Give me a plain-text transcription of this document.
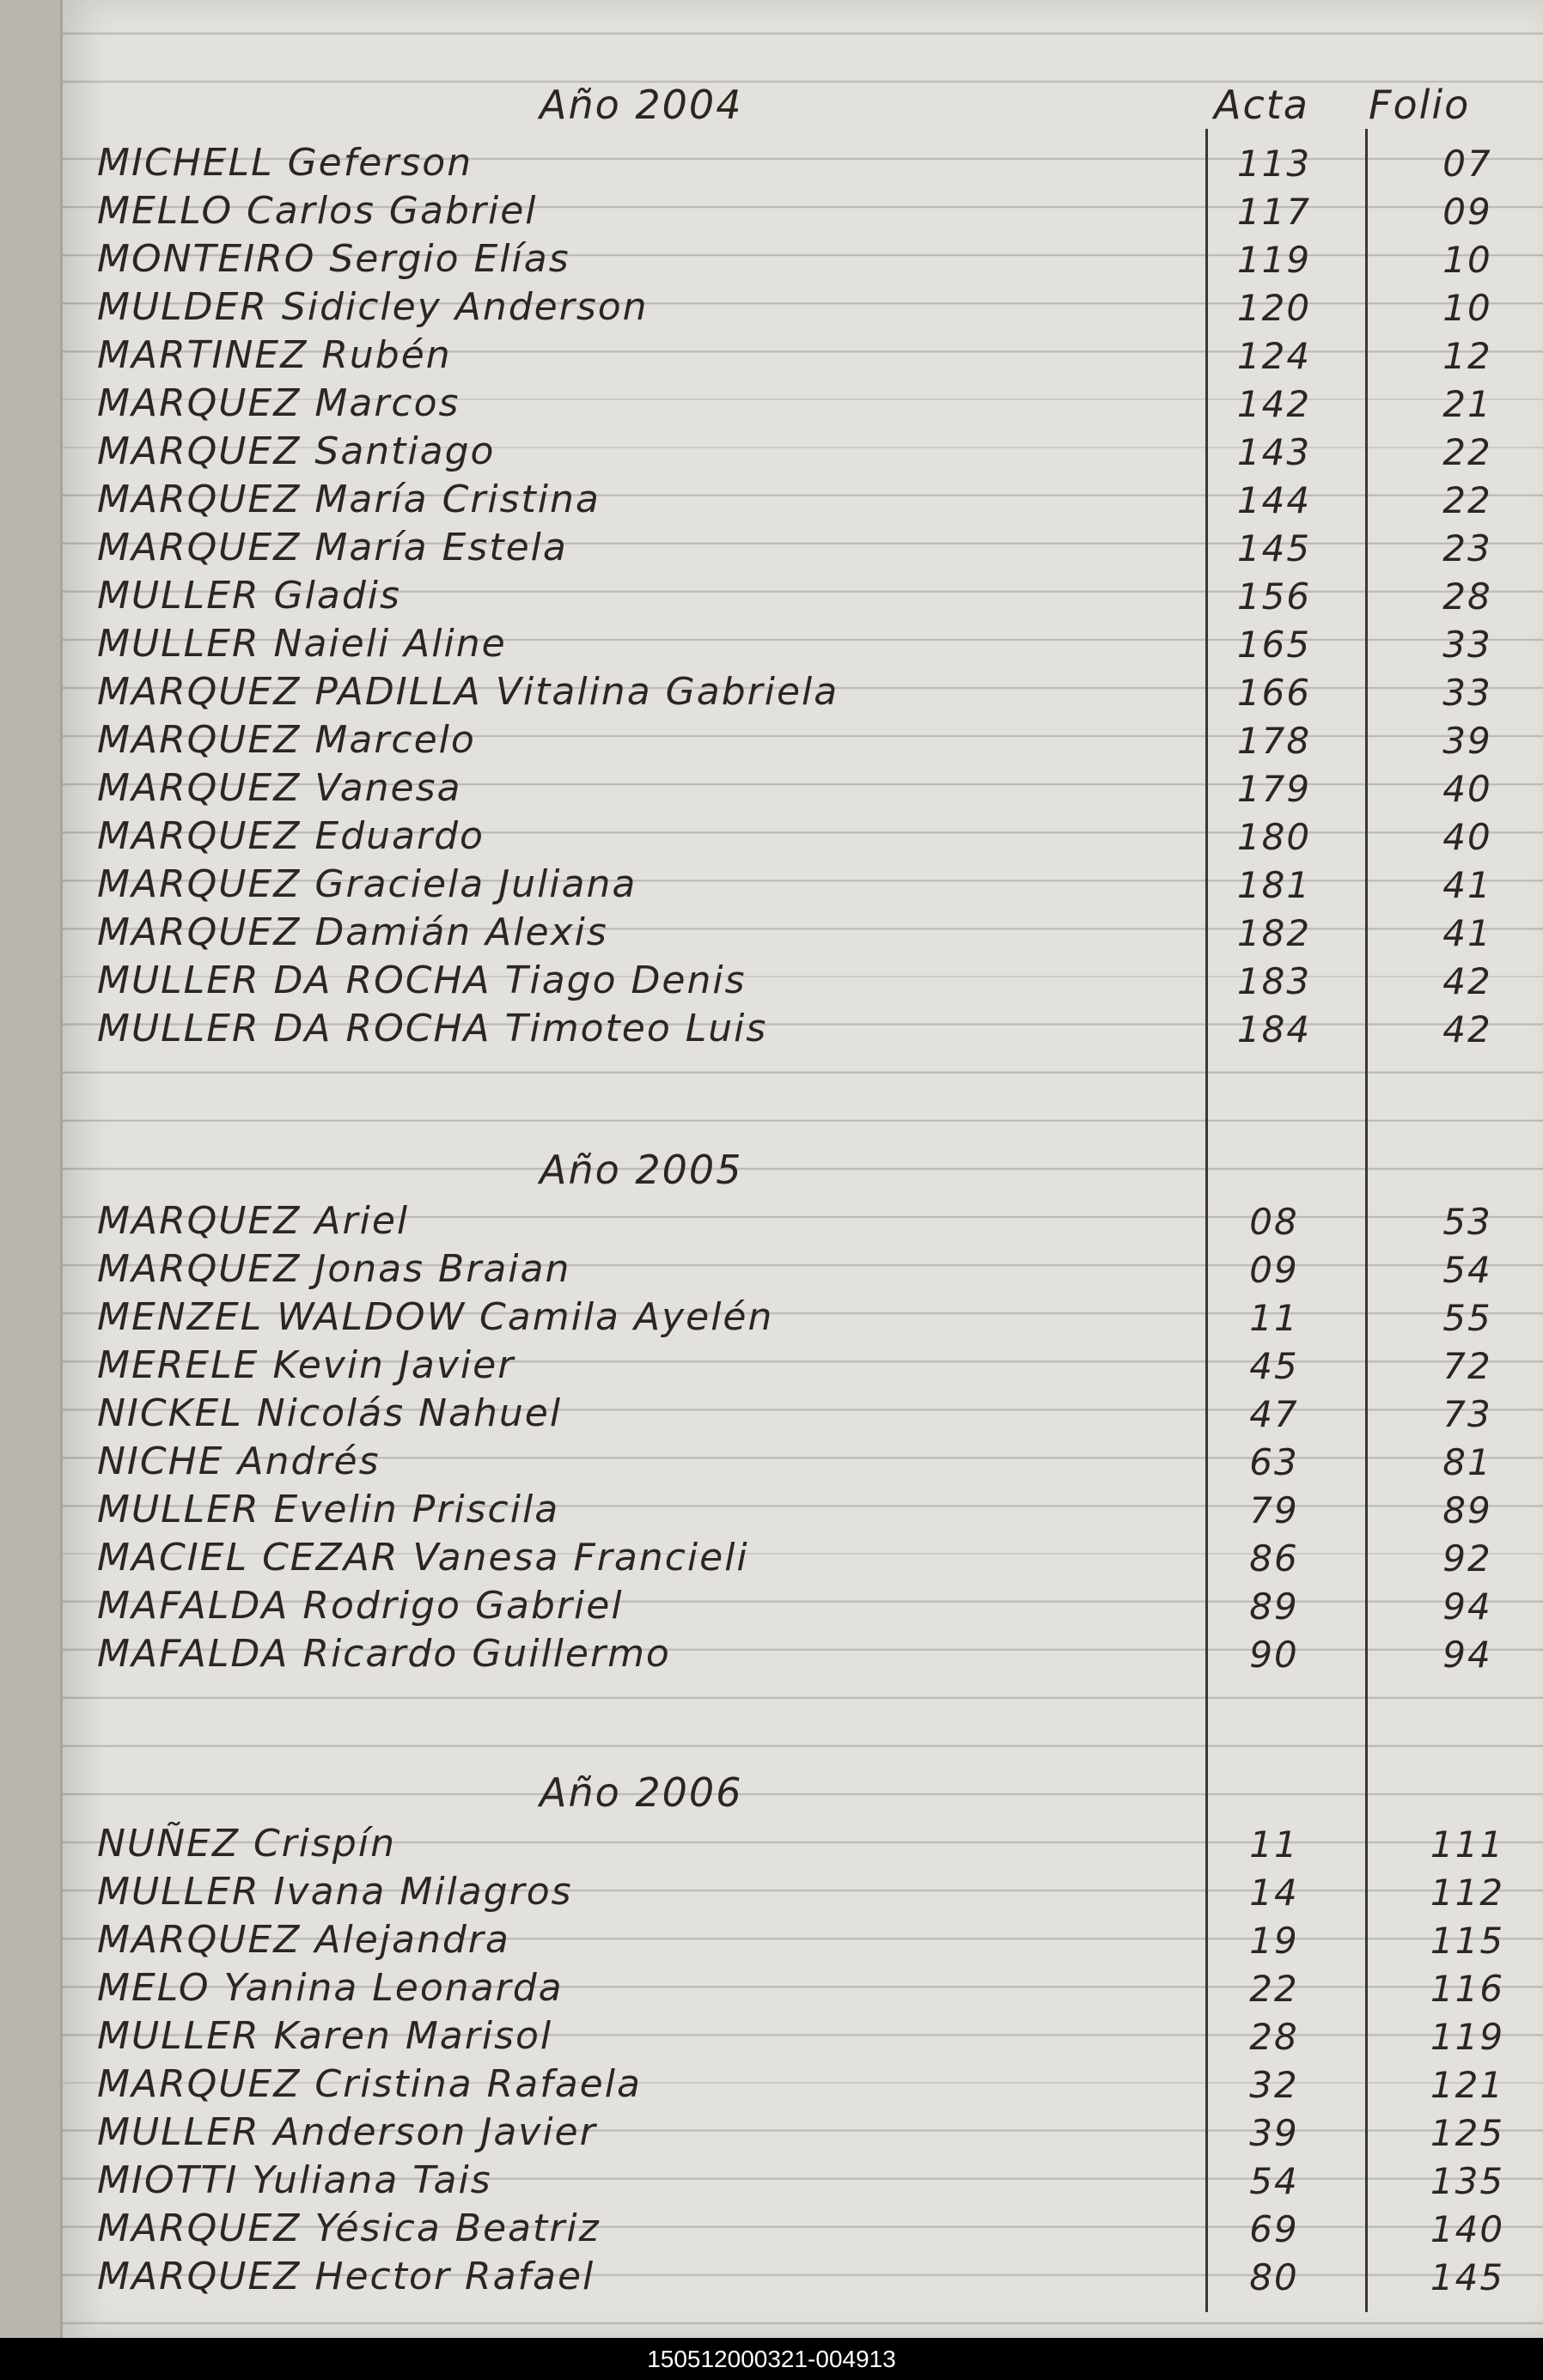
Acta Folio
Año 2004
MICHELL Geferson	113	07
MELLO Carlos Gabriel	117	09
MONTEIRO Sergio Elías	119	10
MULDER Sidicley Anderson	120	10
MARTINEZ Rubén	124	12
MARQUEZ Marcos	142	21
MARQUEZ Santiago	143	22
MARQUEZ María Cristina	144	22
MARQUEZ María Estela	145	23
MULLER Gladis	156	28
MULLER Naieli Aline	165	33
MARQUEZ PADILLA Vitalina Gabriela	166	33
MARQUEZ Marcelo	178	39
MARQUEZ Vanesa	179	40
MARQUEZ Eduardo	180	40
MARQUEZ Graciela Juliana	181	41
MARQUEZ Damián Alexis	182	41
MULLER DA ROCHA Tiago Denis	183	42
MULLER DA ROCHA Timoteo Luis	184	42
Año 2005
MARQUEZ Ariel	08	53
MARQUEZ Jonas Braian	09	54
MENZEL WALDOW Camila Ayelén	11	55
MERELE Kevin Javier	45	72
NICKEL Nicolás Nahuel	47	73
NICHE Andrés	63	81
MULLER Evelin Priscila	79	89
MACIEL CEZAR Vanesa Francieli	86	92
MAFALDA Rodrigo Gabriel	89	94
MAFALDA Ricardo Guillermo	90	94
Año 2006
NUÑEZ Crispín	11	111
MULLER Ivana Milagros	14	112
MARQUEZ Alejandra	19	115
MELO Yanina Leonarda	22	116
MULLER Karen Marisol	28	119
MARQUEZ Cristina Rafaela	32	121
MULLER Anderson Javier	39	125
MIOTTI Yuliana Tais	54	135
MARQUEZ Yésica Beatriz	69	140
MARQUEZ Hector Rafael	80	145
150512000321-004913
